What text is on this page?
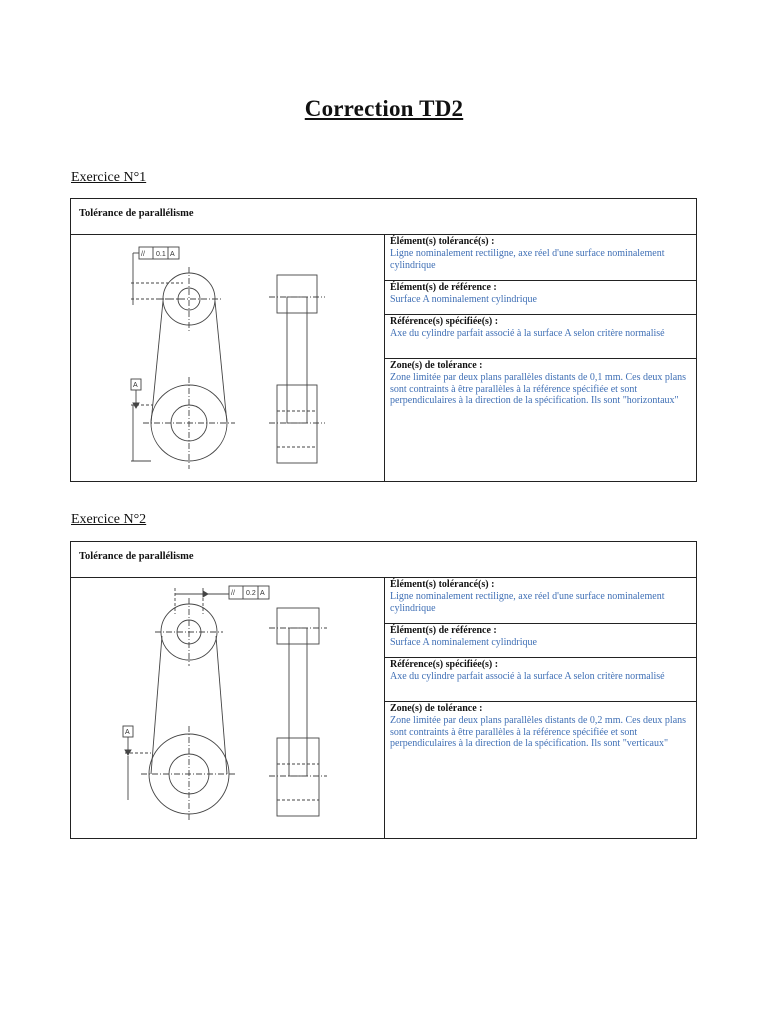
Correction TD2
Exercice N°1
Tolérance de parallélisme
// 0.1 A
A
Élément(s) tolérancé(s) :
Ligne nominalement rectiligne, axe réel d'une surface nominalement cylindrique
Élément(s) de référence :
Surface A nominalement cylindrique
Référence(s) spécifiée(s) :
Axe du cylindre parfait associé à la surface A selon critère normalisé
Zone(s) de tolérance :
Zone limitée par deux plans parallèles distants de 0,1 mm. Ces deux plans sont contraints à être parallèles à la référence spécifiée et sont perpendiculaires à la direction de la spécification. Ils sont "horizontaux"
Exercice N°2
Tolérance de parallélisme
// 0.2 A
A
Élément(s) tolérancé(s) :
Ligne nominalement rectiligne, axe réel d'une surface nominalement cylindrique
Élément(s) de référence :
Surface A nominalement cylindrique
Référence(s) spécifiée(s) :
Axe du cylindre parfait associé à la surface A selon critère normalisé
Zone(s) de tolérance :
Zone limitée par deux plans parallèles distants de 0,2 mm. Ces deux plans sont contraints à être parallèles à la référence spécifiée et sont perpendiculaires à la direction de la spécification. Ils sont "verticaux"
